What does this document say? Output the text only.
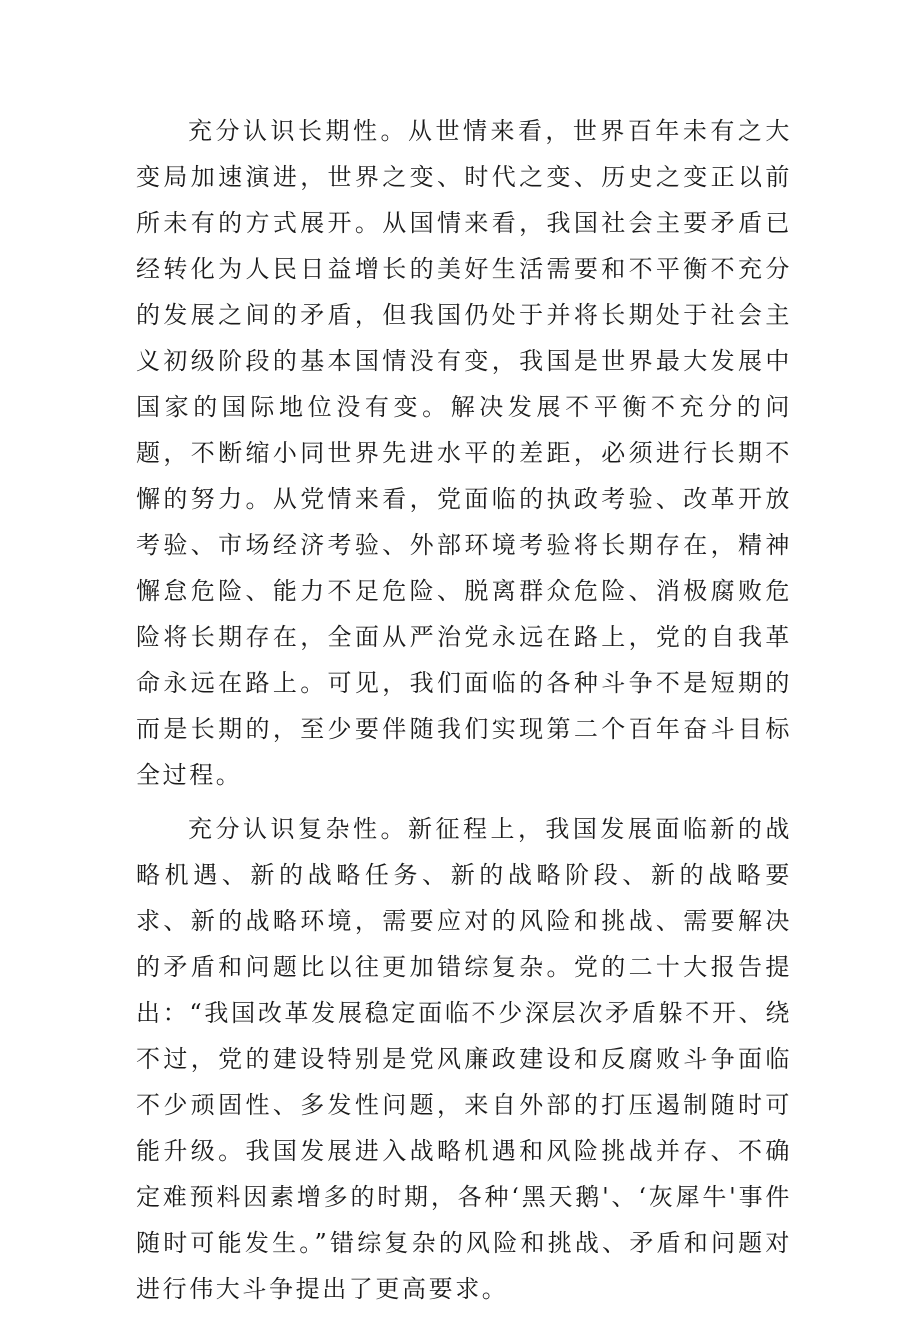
充分认识长期性。从世情来看，世界百年未有之大变局加速演进，世界之变、时代之变、历史之变正以前所未有的方式展开。从国情来看，我国社会主要矛盾已经转化为人民日益增长的美好生活需要和不平衡不充分的发展之间的矛盾，但我国仍处于并将长期处于社会主义初级阶段的基本国情没有变，我国是世界最大发展中国家的国际地位没有变。解决发展不平衡不充分的问题，不断缩小同世界先进水平的差距，必须进行长期不懈的努力。从党情来看，党面临的执政考验、改革开放考验、市场经济考验、外部环境考验将长期存在，精神懈怠危险、能力不足危险、脱离群众危险、消极腐败危险将长期存在，全面从严治党永远在路上，党的自我革命永远在路上。可见，我们面临的各种斗争不是短期的而是长期的，至少要伴随我们实现第二个百年奋斗目标全过程。

充分认识复杂性。新征程上，我国发展面临新的战略机遇、新的战略任务、新的战略阶段、新的战略要求、新的战略环境，需要应对的风险和挑战、需要解决的矛盾和问题比以往更加错综复杂。党的二十大报告提出：“我国改革发展稳定面临不少深层次矛盾躲不开、绕不过，党的建设特别是党风廉政建设和反腐败斗争面临不少顽固性、多发性问题，来自外部的打压遏制随时可能升级。我国发展进入战略机遇和风险挑战并存、不确定难预料因素增多的时期，各种‘黑天鹅'、‘灰犀牛'事件随时可能发生。”错综复杂的风险和挑战、矛盾和问题对进行伟大斗争提出了更高要求。
